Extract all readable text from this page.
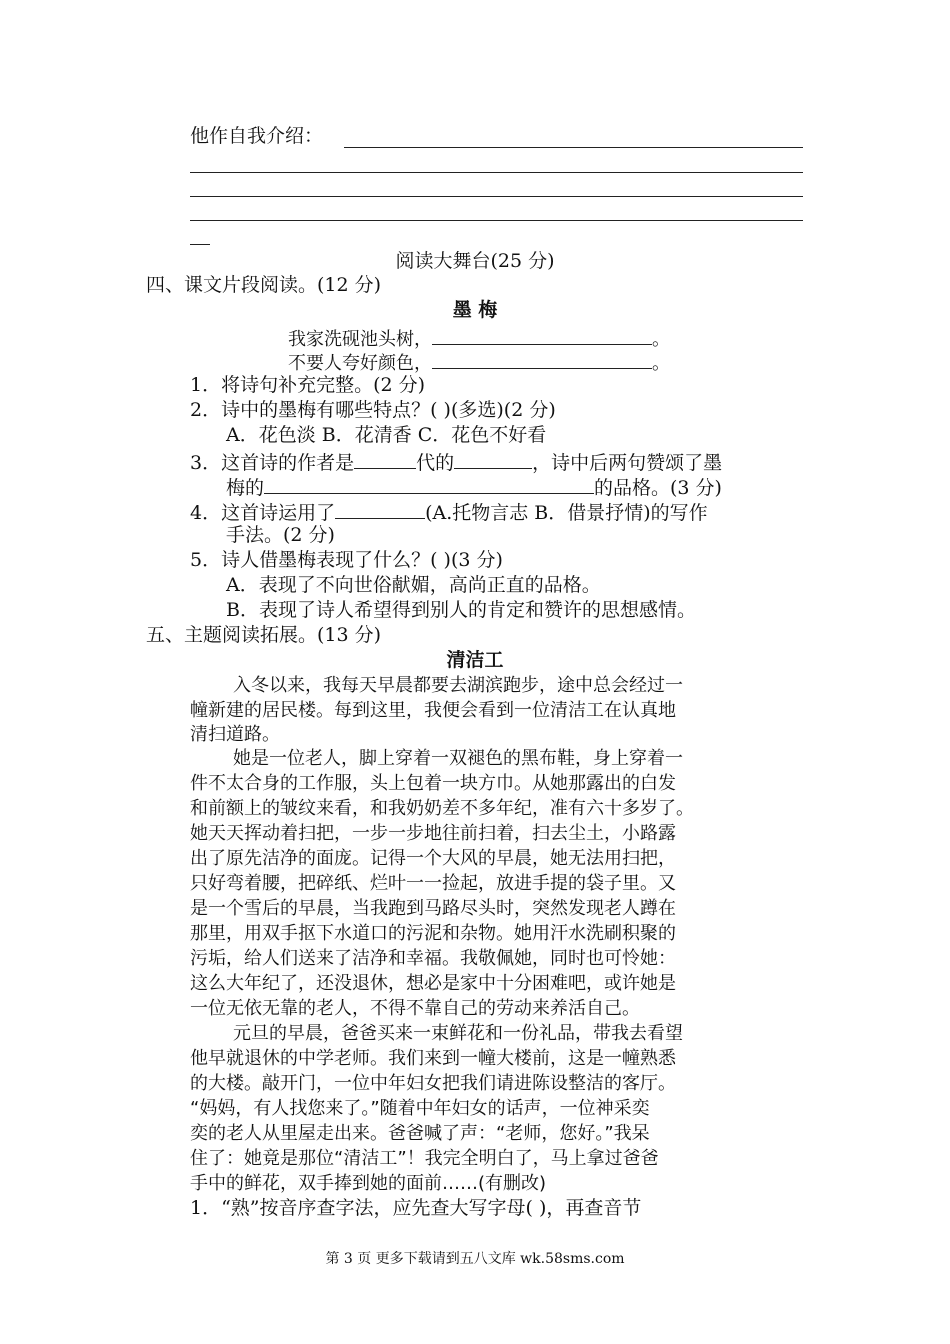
他作自我介绍：
阅读大舞台(25 分)
四、课文片段阅读。(12 分)
墨 梅
我家洗砚池头树，	。
不要人夸好颜色，	。
1．将诗句补充完整。(2 分)
2．诗中的墨梅有哪些特点？( )(多选)(2 分)
A．花色淡 B．花清香 C．花色不好看
3．这首诗的作者是	代的	，诗中后两句赞颂了墨
梅的	的品格。(3 分)
4．这首诗运用了	(A.托物言志 B．借景抒情)的写作
手法。(2 分)
5．诗人借墨梅表现了什么？( )(3 分)
A．表现了不向世俗献媚，高尚正直的品格。
B．表现了诗人希望得到别人的肯定和赞许的思想感情。
五、主题阅读拓展。(13 分)
清洁工
入冬以来，我每天早晨都要去湖滨跑步，途中总会经过一
幢新建的居民楼。每到这里，我便会看到一位清洁工在认真地
清扫道路。
她是一位老人，脚上穿着一双褪色的黑布鞋，身上穿着一
件不太合身的工作服，头上包着一块方巾。从她那露出的白发
和前额上的皱纹来看，和我奶奶差不多年纪，准有六十多岁了。
她天天挥动着扫把，一步一步地往前扫着，扫去尘土，小路露
出了原先洁净的面庞。记得一个大风的早晨，她无法用扫把，
只好弯着腰，把碎纸、烂叶一一捡起，放进手提的袋子里。又
是一个雪后的早晨，当我跑到马路尽头时，突然发现老人蹲在
那里，用双手抠下水道口的污泥和杂物。她用汗水洗刷积聚的
污垢，给人们送来了洁净和幸福。我敬佩她，同时也可怜她：
这么大年纪了，还没退休，想必是家中十分困难吧，或许她是
一位无依无靠的老人，不得不靠自己的劳动来养活自己。
元旦的早晨，爸爸买来一束鲜花和一份礼品，带我去看望
他早就退休的中学老师。我们来到一幢大楼前，这是一幢熟悉
的大楼。敲开门，一位中年妇女把我们请进陈设整洁的客厅。
“妈妈，有人找您来了。”随着中年妇女的话声，一位神采奕
奕的老人从里屋走出来。爸爸喊了声：“老师，您好。”我呆
住了：她竟是那位“清洁工”！我完全明白了，马上拿过爸爸
手中的鲜花，双手捧到她的面前……(有删改)
1．“熟”按音序查字法，应先查大写字母( )，再查音节
第 3 页 更多下载请到五八文库 wk.58sms.com
